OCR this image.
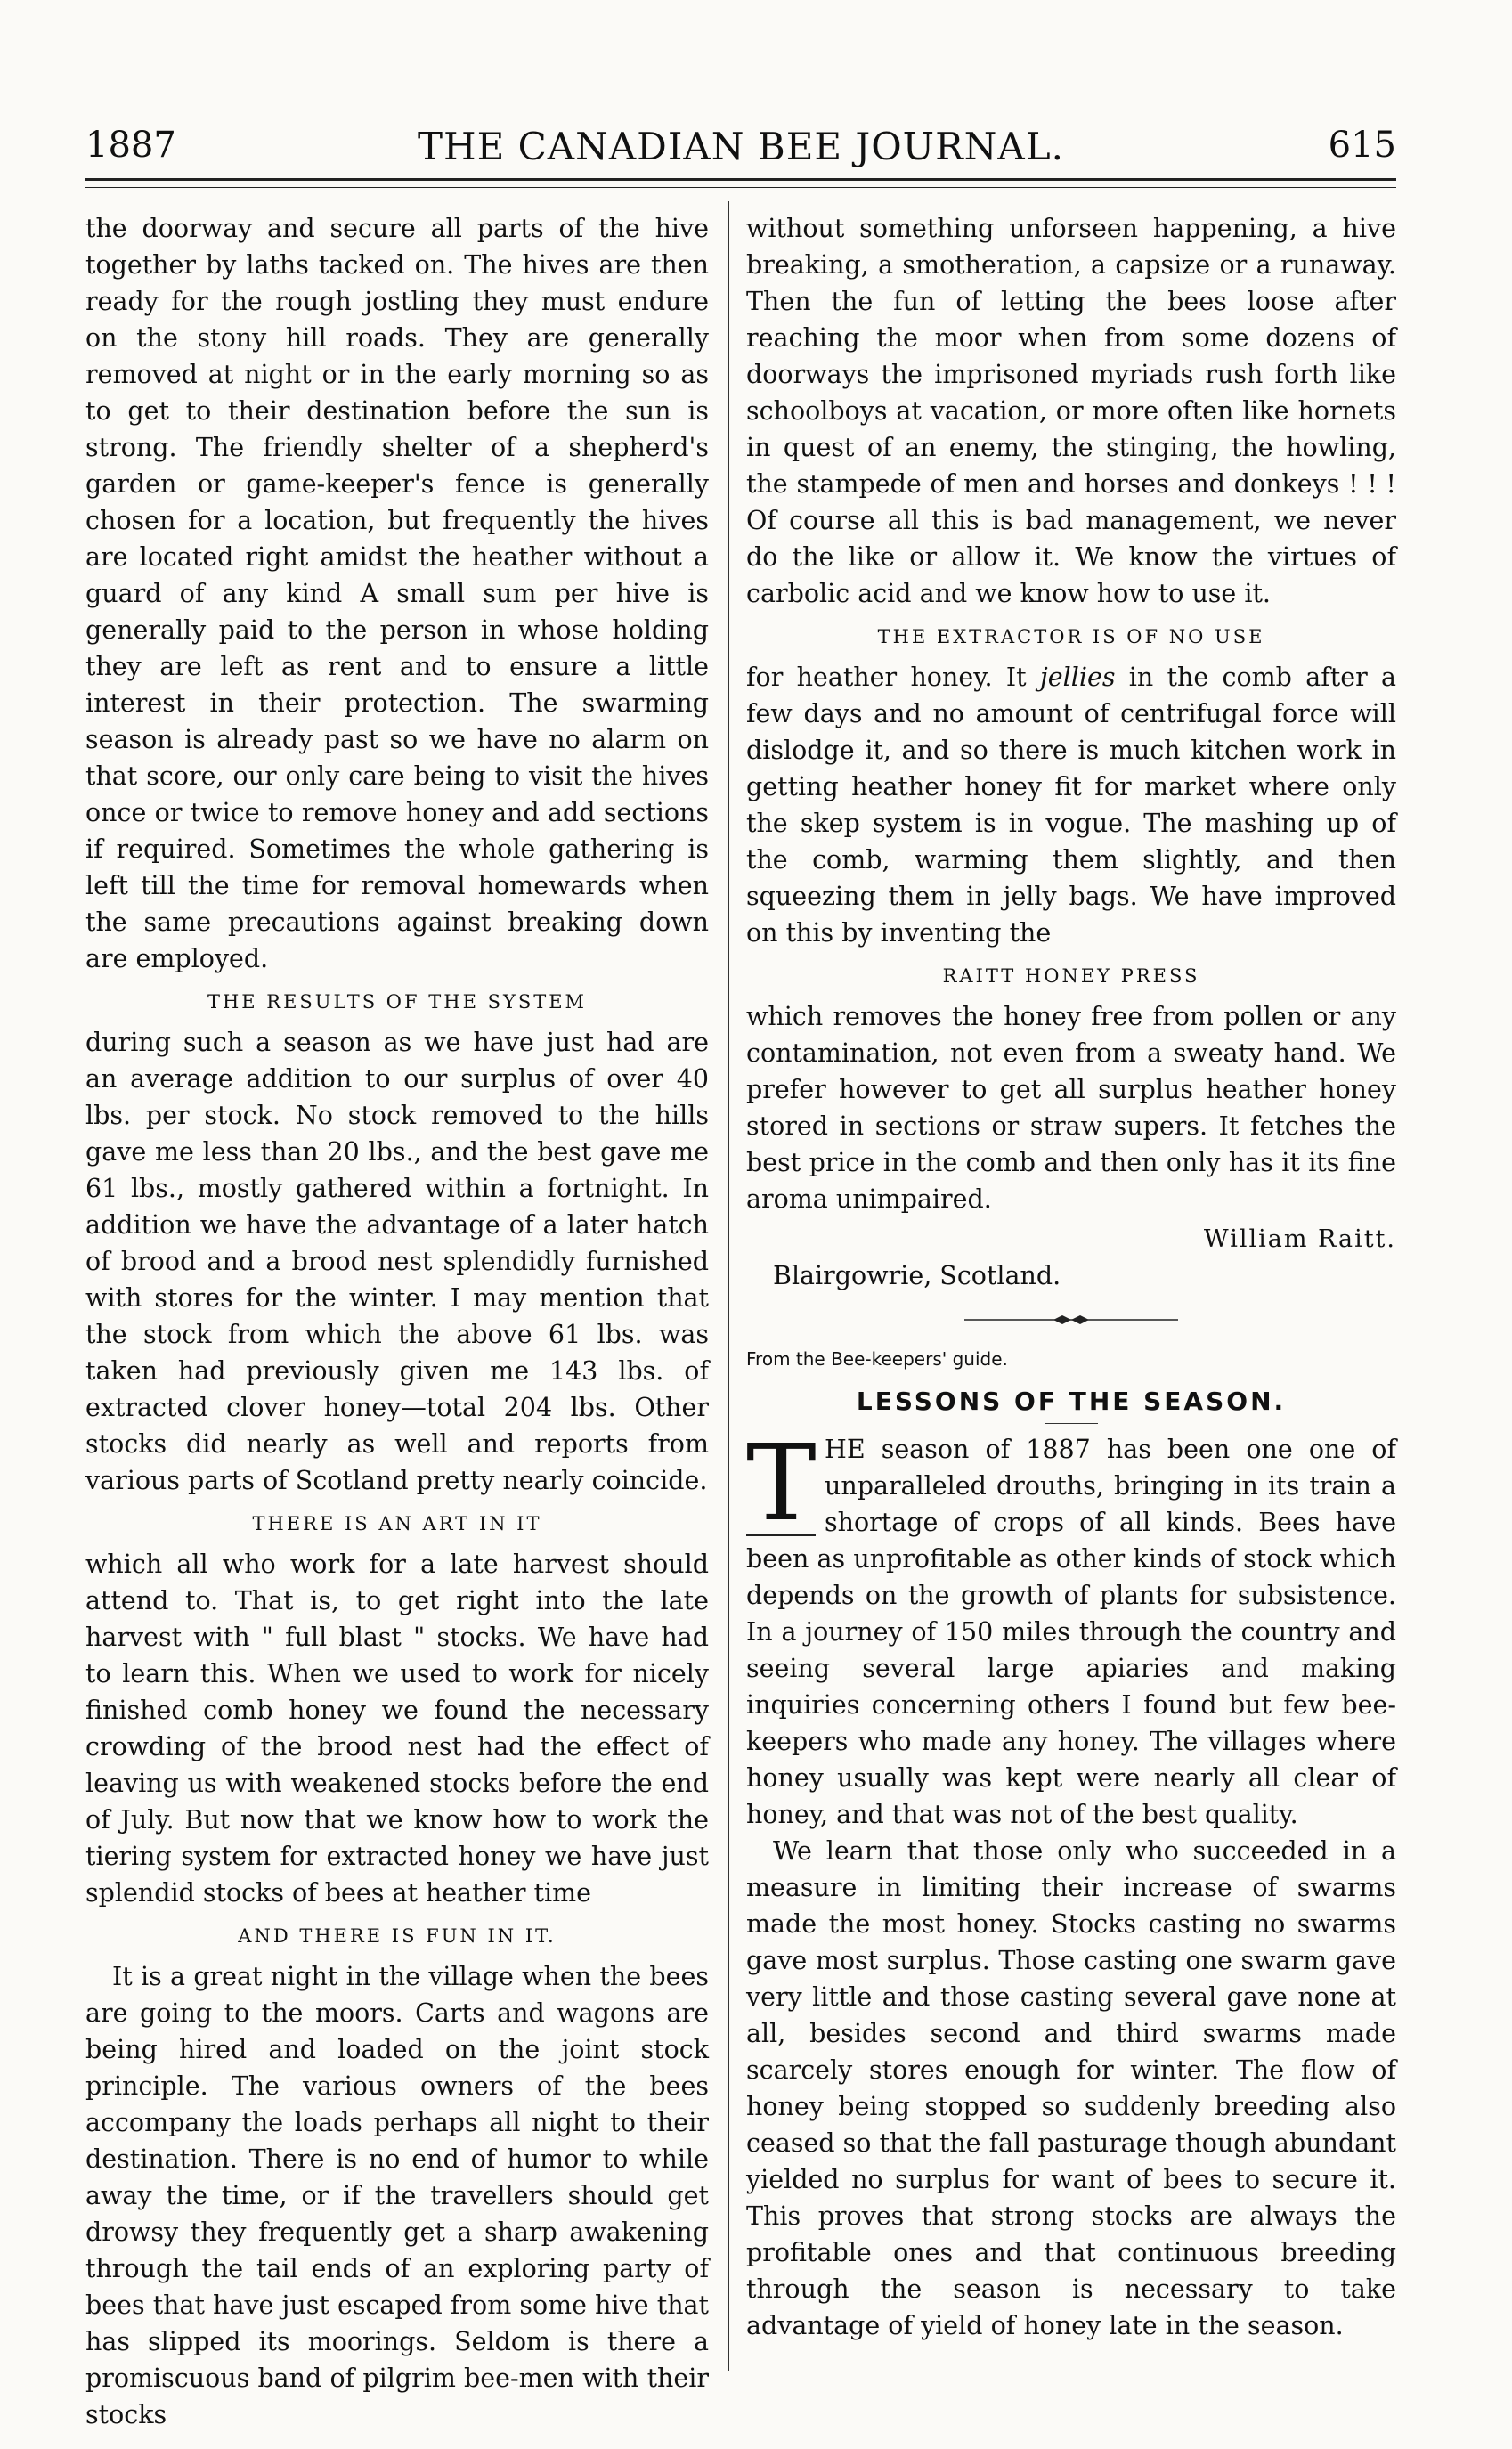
1887	THE CANADIAN BEE JOURNAL.	615

the doorway and secure all parts of the hive together by laths tacked on. The hives are then ready for the rough jostling they must endure on the stony hill roads. They are generally removed at night or in the early morning so as to get to their destination before the sun is strong. The friendly shelter of a shepherd's garden or game-keeper's fence is generally chosen for a location, but frequently the hives are located right amidst the heather without a guard of any kind A small sum per hive is generally paid to the person in whose holding they are left as rent and to ensure a little interest in their protection. The swarming season is already past so we have no alarm on that score, our only care being to visit the hives once or twice to remove honey and add sections if required. Sometimes the whole gathering is left till the time for removal homewards when the same precautions against breaking down are employed.

THE RESULTS OF THE SYSTEM

during such a season as we have just had are an average addition to our surplus of over 40 lbs. per stock. No stock removed to the hills gave me less than 20 lbs., and the best gave me 61 lbs., mostly gathered within a fortnight. In addition we have the advantage of a later hatch of brood and a brood nest splendidly furnished with stores for the winter. I may mention that the stock from which the above 61 lbs. was taken had previously given me 143 lbs. of extracted clover honey—total 204 lbs. Other stocks did nearly as well and reports from various parts of Scotland pretty nearly coincide.

THERE IS AN ART IN IT

which all who work for a late harvest should attend to. That is, to get right into the late harvest with " full blast " stocks. We have had to learn this. When we used to work for nicely finished comb honey we found the necessary crowding of the brood nest had the effect of leaving us with weakened stocks before the end of July. But now that we know how to work the tiering system for extracted honey we have just splendid stocks of bees at heather time

AND THERE IS FUN IN IT.

It is a great night in the village when the bees are going to the moors. Carts and wagons are being hired and loaded on the joint stock principle. The various owners of the bees accompany the loads perhaps all night to their destination. There is no end of humor to while away the time, or if the travellers should get drowsy they frequently get a sharp awakening through the tail ends of an exploring party of bees that have just escaped from some hive that has slipped its moorings. Seldom is there a promiscuous band of pilgrim bee-men with their stocks

without something unforseen happening, a hive breaking, a smotheration, a capsize or a runaway. Then the fun of letting the bees loose after reaching the moor when from some dozens of doorways the imprisoned myriads rush forth like schoolboys at vacation, or more often like hornets in quest of an enemy, the stinging, the howling, the stampede of men and horses and donkeys ! ! ! Of course all this is bad management, we never do the like or allow it. We know the virtues of carbolic acid and we know how to use it.

THE EXTRACTOR IS OF NO USE

for heather honey. It jellies in the comb after a few days and no amount of centrifugal force will dislodge it, and so there is much kitchen work in getting heather honey fit for market where only the skep system is in vogue. The mashing up of the comb, warming them slightly, and then squeezing them in jelly bags. We have improved on this by inventing the

RAITT HONEY PRESS

which removes the honey free from pollen or any contamination, not even from a sweaty hand. We prefer however to get all surplus heather honey stored in sections or straw supers. It fetches the best price in the comb and then only has it its fine aroma unimpaired.

William Raitt.
Blairgowrie, Scotland.
From the Bee-keepers' guide.
LESSONS OF THE SEASON.
T HE season of 1887 has been one one of unparalleled drouths, bringing in its train a shortage of crops of all kinds. Bees have been as unprofitable as other kinds of stock which depends on the growth of plants for subsistence. In a journey of 150 miles through the country and seeing several large apiaries and making inquiries concerning others I found but few bee-keepers who made any honey. The villages where honey usually was kept were nearly all clear of honey, and that was not of the best quality.

We learn that those only who succeeded in a measure in limiting their increase of swarms made the most honey. Stocks casting no swarms gave most surplus. Those casting one swarm gave very little and those casting several gave none at all, besides second and third swarms made scarcely stores enough for winter. The flow of honey being stopped so suddenly breeding also ceased so that the fall pasturage though abundant yielded no surplus for want of bees to secure it. This proves that strong stocks are always the profitable ones and that continuous breeding through the season is necessary to take advantage of yield of honey late in the season.
